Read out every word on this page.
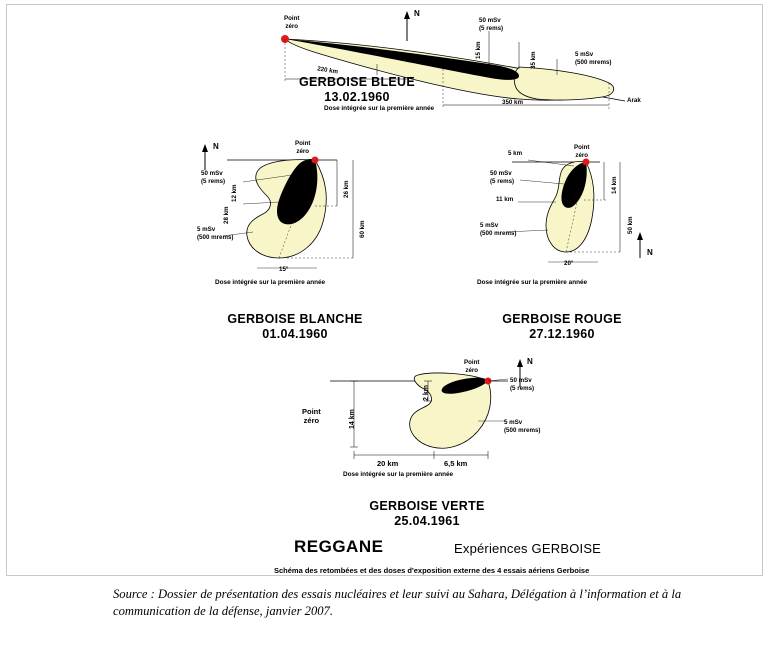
N
Point
zéro
50 mSv
(5 rems)
5 mSv
(500 mrems)
15 km
35 km
220 km
350 km	Arak
GERBOISE BLEUE
13.02.1960
Dose intégrée sur la première année
N	Point
zéro
50 mSv
(5 rems)
5 mSv
(500 mrems)
12 km
28 km
26 km
60 km
15°
Dose intégrée sur la première année
GERBOISE BLANCHE
01.04.1960
Point
zéro
5 km
50 mSv
(5 rems)
11 km
5 mSv
(500 mrems)
14 km
50 km
N
20°
Dose intégrée sur la première année
GERBOISE ROUGE
27.12.1960
N
Point
zéro
50 mSv
(5 rems)
5 mSv
(500 mrems)
2 km
14 km
Point
zéro
20 km	6,5 km
Dose intégrée sur la première année
GERBOISE VERTE
25.04.1961
REGGANE	Expériences GERBOISE
Schéma des retombées et des doses d'exposition externe des 4 essais aériens Gerboise
Source : Dossier de présentation des essais nucléaires et leur suivi au Sahara, Délégation à l’information et à la communication de la défense, janvier 2007.
